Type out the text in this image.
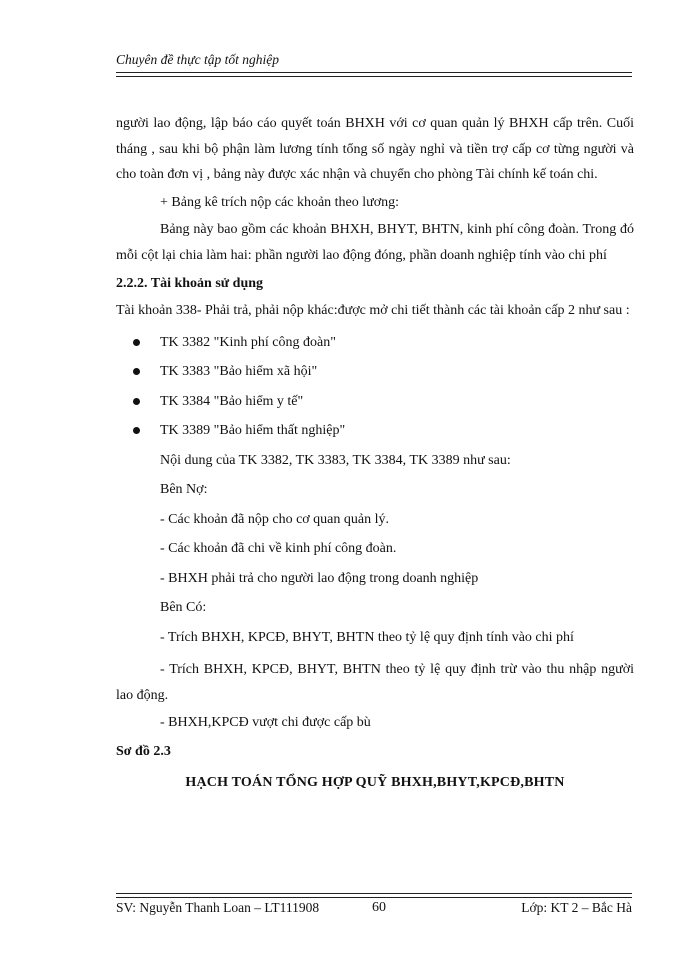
Chuyên đề thực tập tốt nghiệp

người lao động, lập báo cáo quyết toán BHXH với cơ quan quản lý BHXH cấp trên. Cuối tháng , sau khi bộ phận làm lương tính tổng số ngày nghỉ và tiền trợ cấp cơ từng người và cho toàn đơn vị , bảng này được xác nhận và chuyển cho phòng Tài chính kế toán chi.

+ Bảng kê trích nộp các khoản theo lương:

Bảng này bao gồm các khoản BHXH, BHYT, BHTN, kinh phí công đoàn. Trong đó mỗi cột lại chia làm hai: phần người lao động đóng, phần doanh nghiệp tính vào chi phí

2.2.2. Tài khoản sử dụng

Tài khoản 338- Phải trả, phải nộp khác:được mở chi tiết thành các tài khoản cấp 2 như sau :

TK 3382 "Kinh phí công đoàn"
TK 3383 "Bảo hiểm xã hội"
TK 3384 "Bảo hiểm y tế"
TK 3389 "Bảo hiểm thất nghiệp"
Nội dung của TK 3382, TK 3383, TK 3384, TK 3389 như sau:
Bên Nợ:
- Các khoản đã nộp cho cơ quan quản lý.
- Các khoản đã chi về kinh phí công đoàn.
- BHXH phải trả cho người lao động trong doanh nghiệp
Bên Có:
- Trích BHXH, KPCĐ, BHYT, BHTN theo tỷ lệ quy định tính vào chi phí

- Trích BHXH, KPCĐ, BHYT, BHTN theo tỷ lệ quy định trừ vào thu nhập người lao động.

- BHXH,KPCĐ vượt chi được cấp bù
Sơ đồ 2.3
HẠCH TOÁN TỔNG HỢP QUỸ BHXH,BHYT,KPCĐ,BHTN
SV: Nguyễn Thanh Loan – LT111908	60	Lớp: KT 2 – Bắc Hà
